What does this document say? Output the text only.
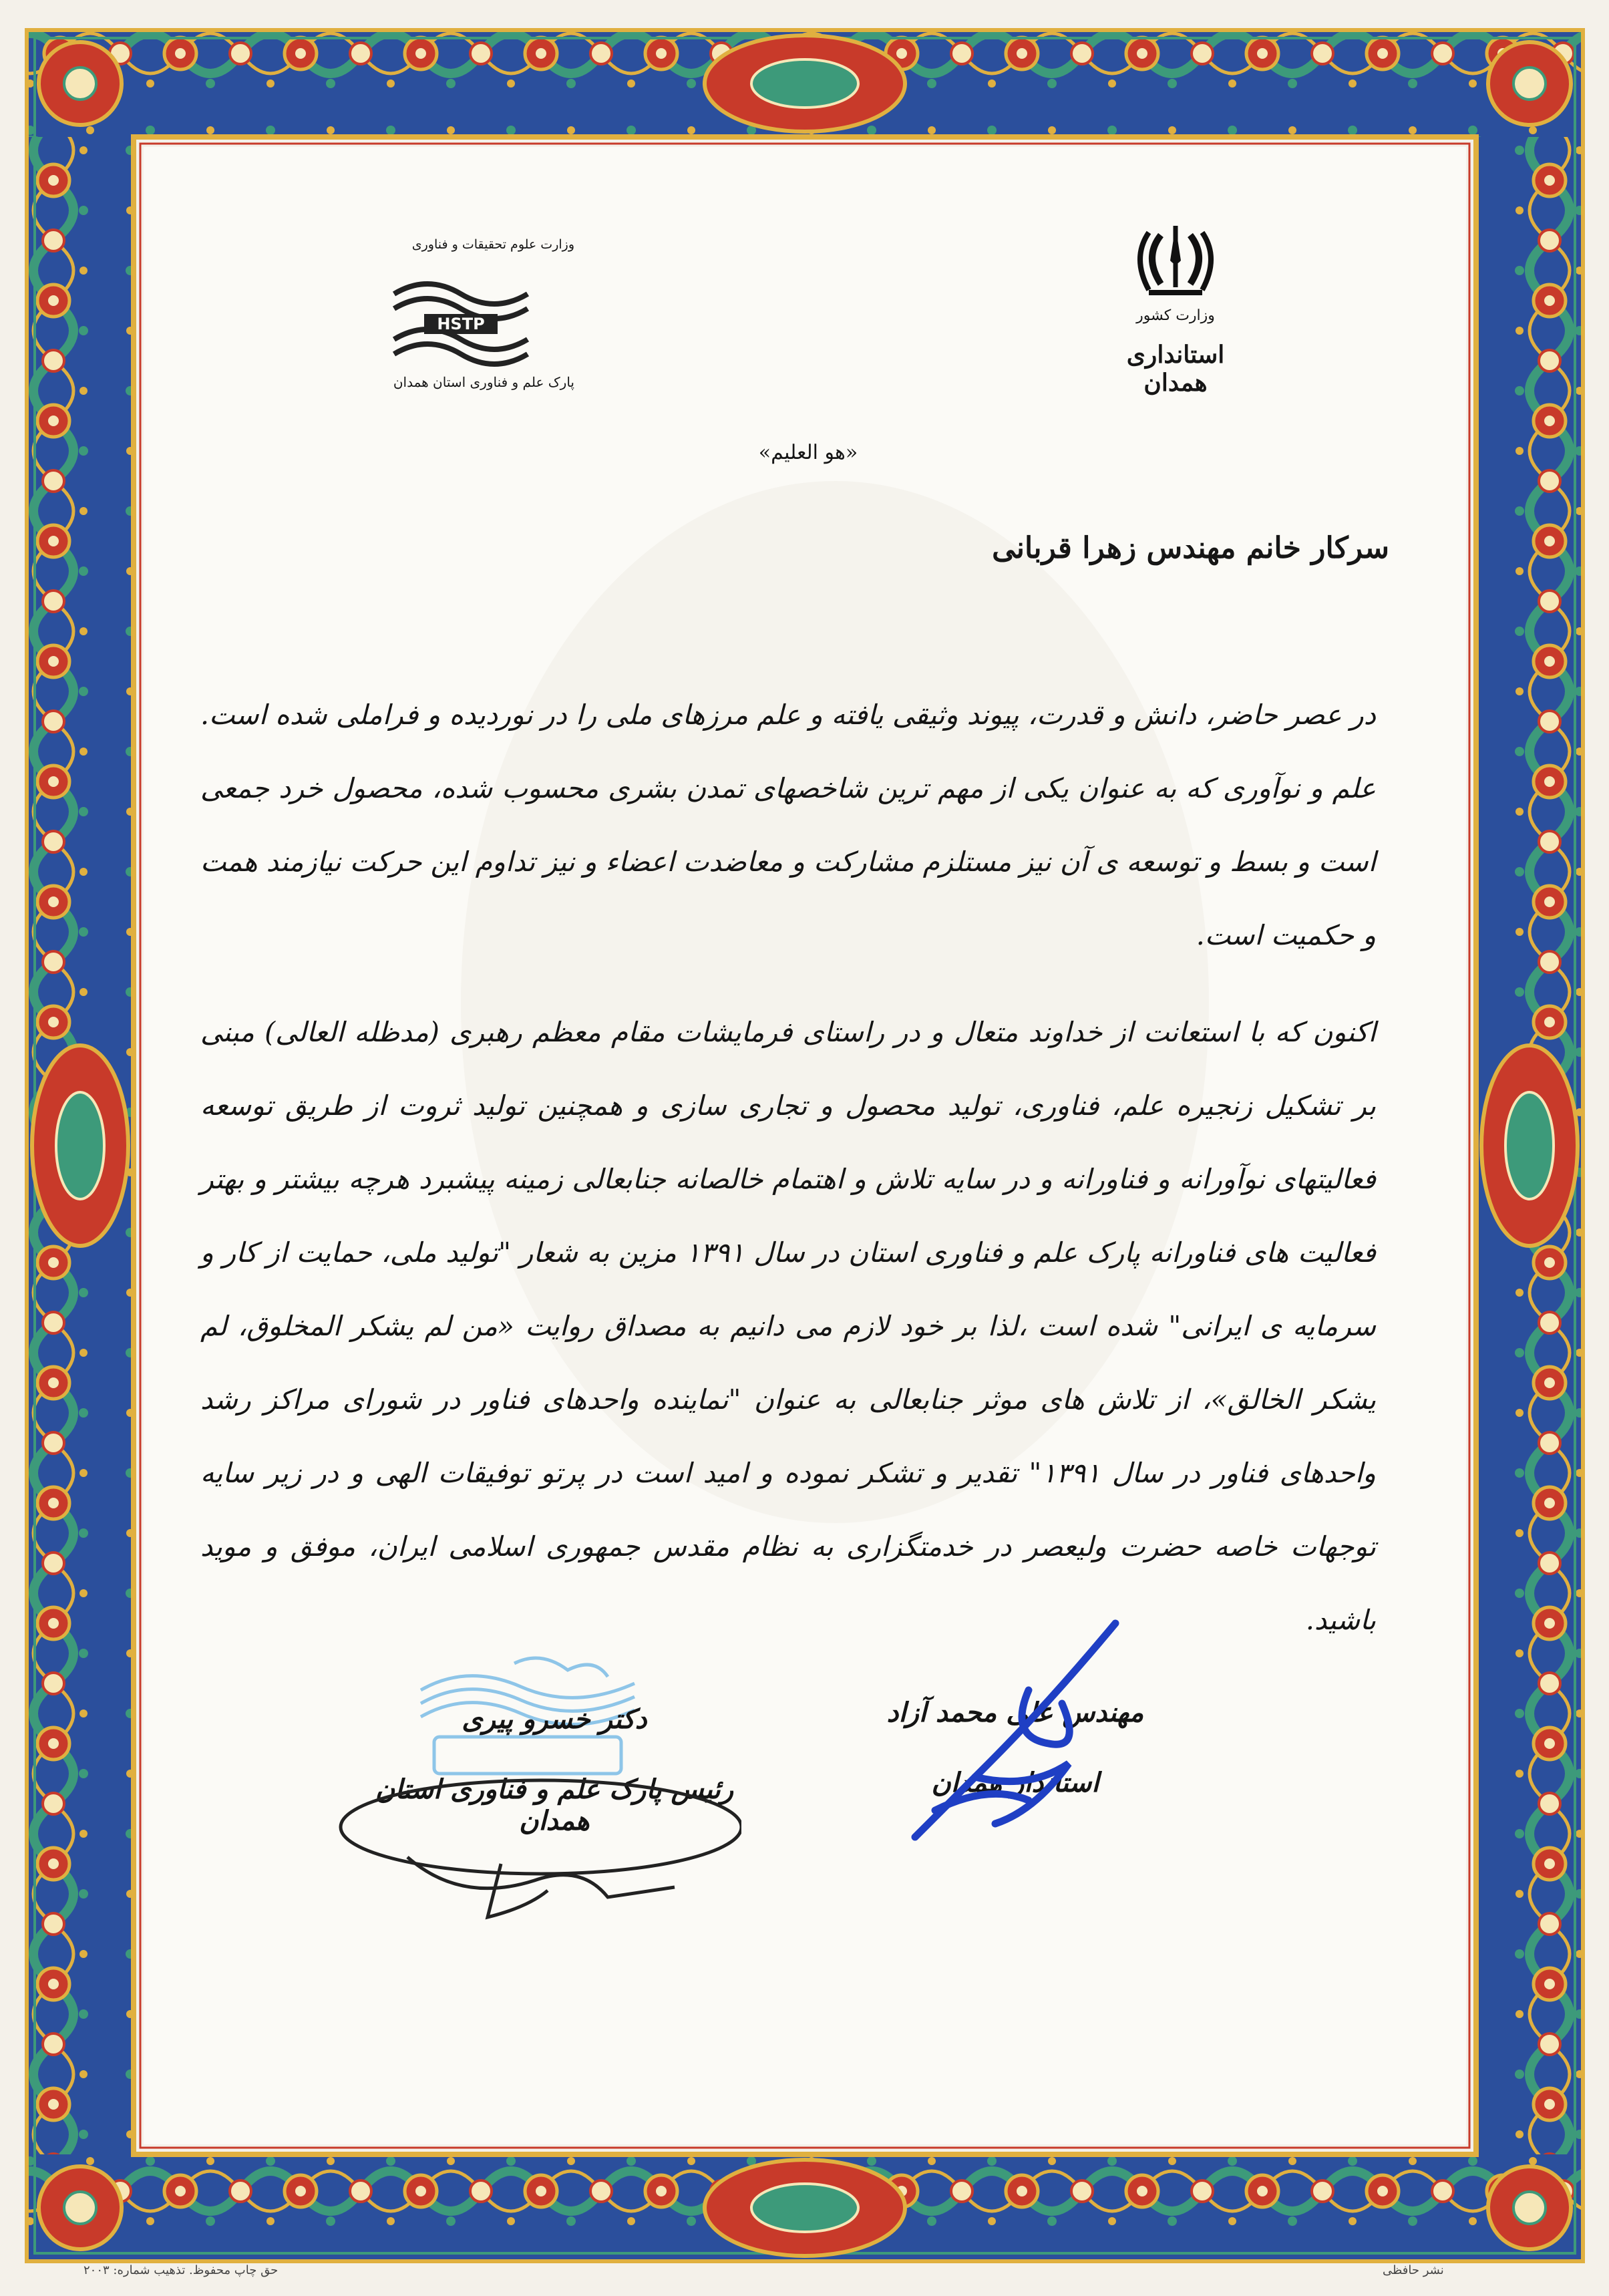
وزارت علوم تحقیقات و فناوری
HSTP
پارک علم و فناوری استان همدان
وزارت کشور
استانداری همدان
«هو العلیم»
سرکار خانم مهندس زهرا قربانی
در عصر حاضر، دانش و قدرت، پیوند وثیقی یافته و علم مرزهای ملی را در نوردیده و فراملی شده است. علم و نوآوری که به عنوان یکی از مهم ترین شاخصهای تمدن بشری محسوب شده، محصول خرد جمعی است و بسط و توسعه ی آن نیز مستلزم مشارکت و معاضدت اعضاء و نیز تداوم این حرکت نیازمند همت و حکمیت است.
اکنون که با استعانت از خداوند متعال و در راستای فرمایشات مقام معظم رهبری (مدظله العالی) مبنی بر تشکیل زنجیره علم، فناوری، تولید محصول و تجاری سازی و همچنین تولید ثروت از طریق توسعه فعالیتهای نوآورانه و فناورانه و در سایه تلاش و اهتمام خالصانه جنابعالی زمینه پیشبرد هرچه بیشتر و بهتر فعالیت های فناورانه پارک علم و فناوری استان در سال ۱۳۹۱ مزین به شعار "تولید ملی، حمایت از کار و سرمایه ی ایرانی" شده است ،لذا بر خود لازم می دانیم به مصداق روایت «من لم یشکر المخلوق، لم یشکر الخالق»، از تلاش های موثر جنابعالی به عنوان "نماینده واحدهای فناور در شورای مراکز رشد واحدهای فناور در سال ۱۳۹۱" تقدیر و تشکر نموده و امید است در پرتو توفیقات الهی و در زیر سایه توجهات خاصه حضرت ولیعصر در خدمتگزاری به نظام مقدس جمهوری اسلامی ایران، موفق و موید باشید.
دکتر خسرو پیری
رئیس پارک علم و فناوری استان همدان
مهندس علی محمد آزاد
استاندار همدان
حق چاپ محفوظ. تذهیب شماره: ۲۰۰۳	نشر حافظی
